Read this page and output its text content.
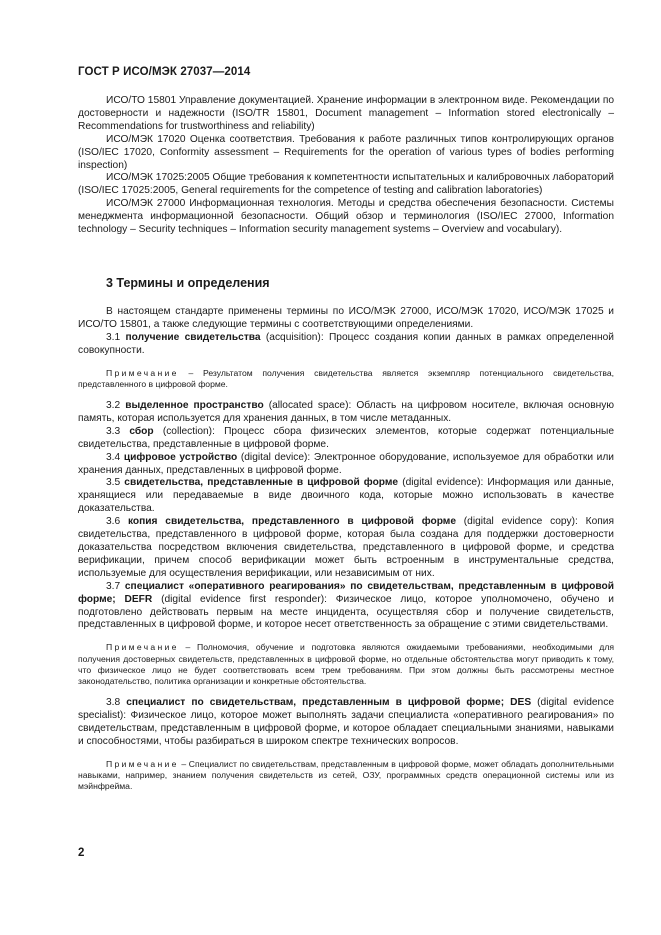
ГОСТ Р ИСО/МЭК 27037—2014

ИСО/ТО 15801 Управление документацией. Хранение информации в электронном виде. Рекомендации по достоверности и надежности (ISO/TR 15801, Document management – Information stored electronically – Recommendations for trustworthiness and reliability)

ИСО/МЭК 17020 Оценка соответствия. Требования к работе различных типов контролирующих органов (ISO/IEC 17020, Conformity assessment – Requirements for the operation of various types of bodies performing inspection)

ИСО/МЭК 17025:2005 Общие требования к компетентности испытательных и калибровочных лабораторий (ISO/IEC 17025:2005, General requirements for the competence of testing and calibration laboratories)

ИСО/МЭК 27000 Информационная технология. Методы и средства обеспечения безопасности. Системы менеджмента информационной безопасности. Общий обзор и терминология (ISO/IEC 27000, Information technology – Security techniques – Information security management systems – Overview and vocabulary).

3 Термины и определения

В настоящем стандарте применены термины по ИСО/МЭК 27000, ИСО/МЭК 17020, ИСО/МЭК 17025 и ИСО/ТО 15801, а также следующие термины с соответствующими определениями.

3.1 получение свидетельства (acquisition): Процесс создания копии данных в рамках определенной совокупности.

Примечание – Результатом получения свидетельства является экземпляр потенциального свидетельства, представленного в цифровой форме.

3.2 выделенное пространство (allocated space): Область на цифровом носителе, включая основную память, которая используется для хранения данных, в том числе метаданных.

3.3 сбор (collection): Процесс сбора физических элементов, которые содержат потенциальные свидетельства, представленные в цифровой форме.

3.4 цифровое устройство (digital device): Электронное оборудование, используемое для обработки или хранения данных, представленных в цифровой форме.

3.5 свидетельства, представленные в цифровой форме (digital evidence): Информация или данные, хранящиеся или передаваемые в виде двоичного кода, которые можно использовать в качестве доказательства.

3.6 копия свидетельства, представленного в цифровой форме (digital evidence copy): Копия свидетельства, представленного в цифровой форме, которая была создана для поддержки достоверности доказательства посредством включения свидетельства, представленного в цифровой форме, и средства верификации, причем способ верификации может быть встроенным в инструментальные средства, используемые для осуществления верификации, или независимым от них.

3.7 специалист «оперативного реагирования» по свидетельствам, представленным в цифровой форме; DEFR (digital evidence first responder): Физическое лицо, которое уполномочено, обучено и подготовлено действовать первым на месте инцидента, осуществляя сбор и получение свидетельств, представленных в цифровой форме, и которое несет ответственность за обращение с этими свидетельствами.

Примечание – Полномочия, обучение и подготовка являются ожидаемыми требованиями, необходимыми для получения достоверных свидетельств, представленных в цифровой форме, но отдельные обстоятельства могут приводить к тому, что физическое лицо не будет соответствовать всем трем требованиям. При этом должны быть рассмотрены местное законодательство, политика организации и конкретные обстоятельства.

3.8 специалист по свидетельствам, представленным в цифровой форме; DES (digital evidence specialist): Физическое лицо, которое может выполнять задачи специалиста «оперативного реагирования» по свидетельствам, представленным в цифровой форме, и которое обладает специальными знаниями, навыками и способностями, чтобы разбираться в широком спектре технических вопросов.

Примечание – Специалист по свидетельствам, представленным в цифровой форме, может обладать дополнительными навыками, например, знанием получения свидетельств из сетей, ОЗУ, программных средств операционной системы или из мэйнфрейма.

2
